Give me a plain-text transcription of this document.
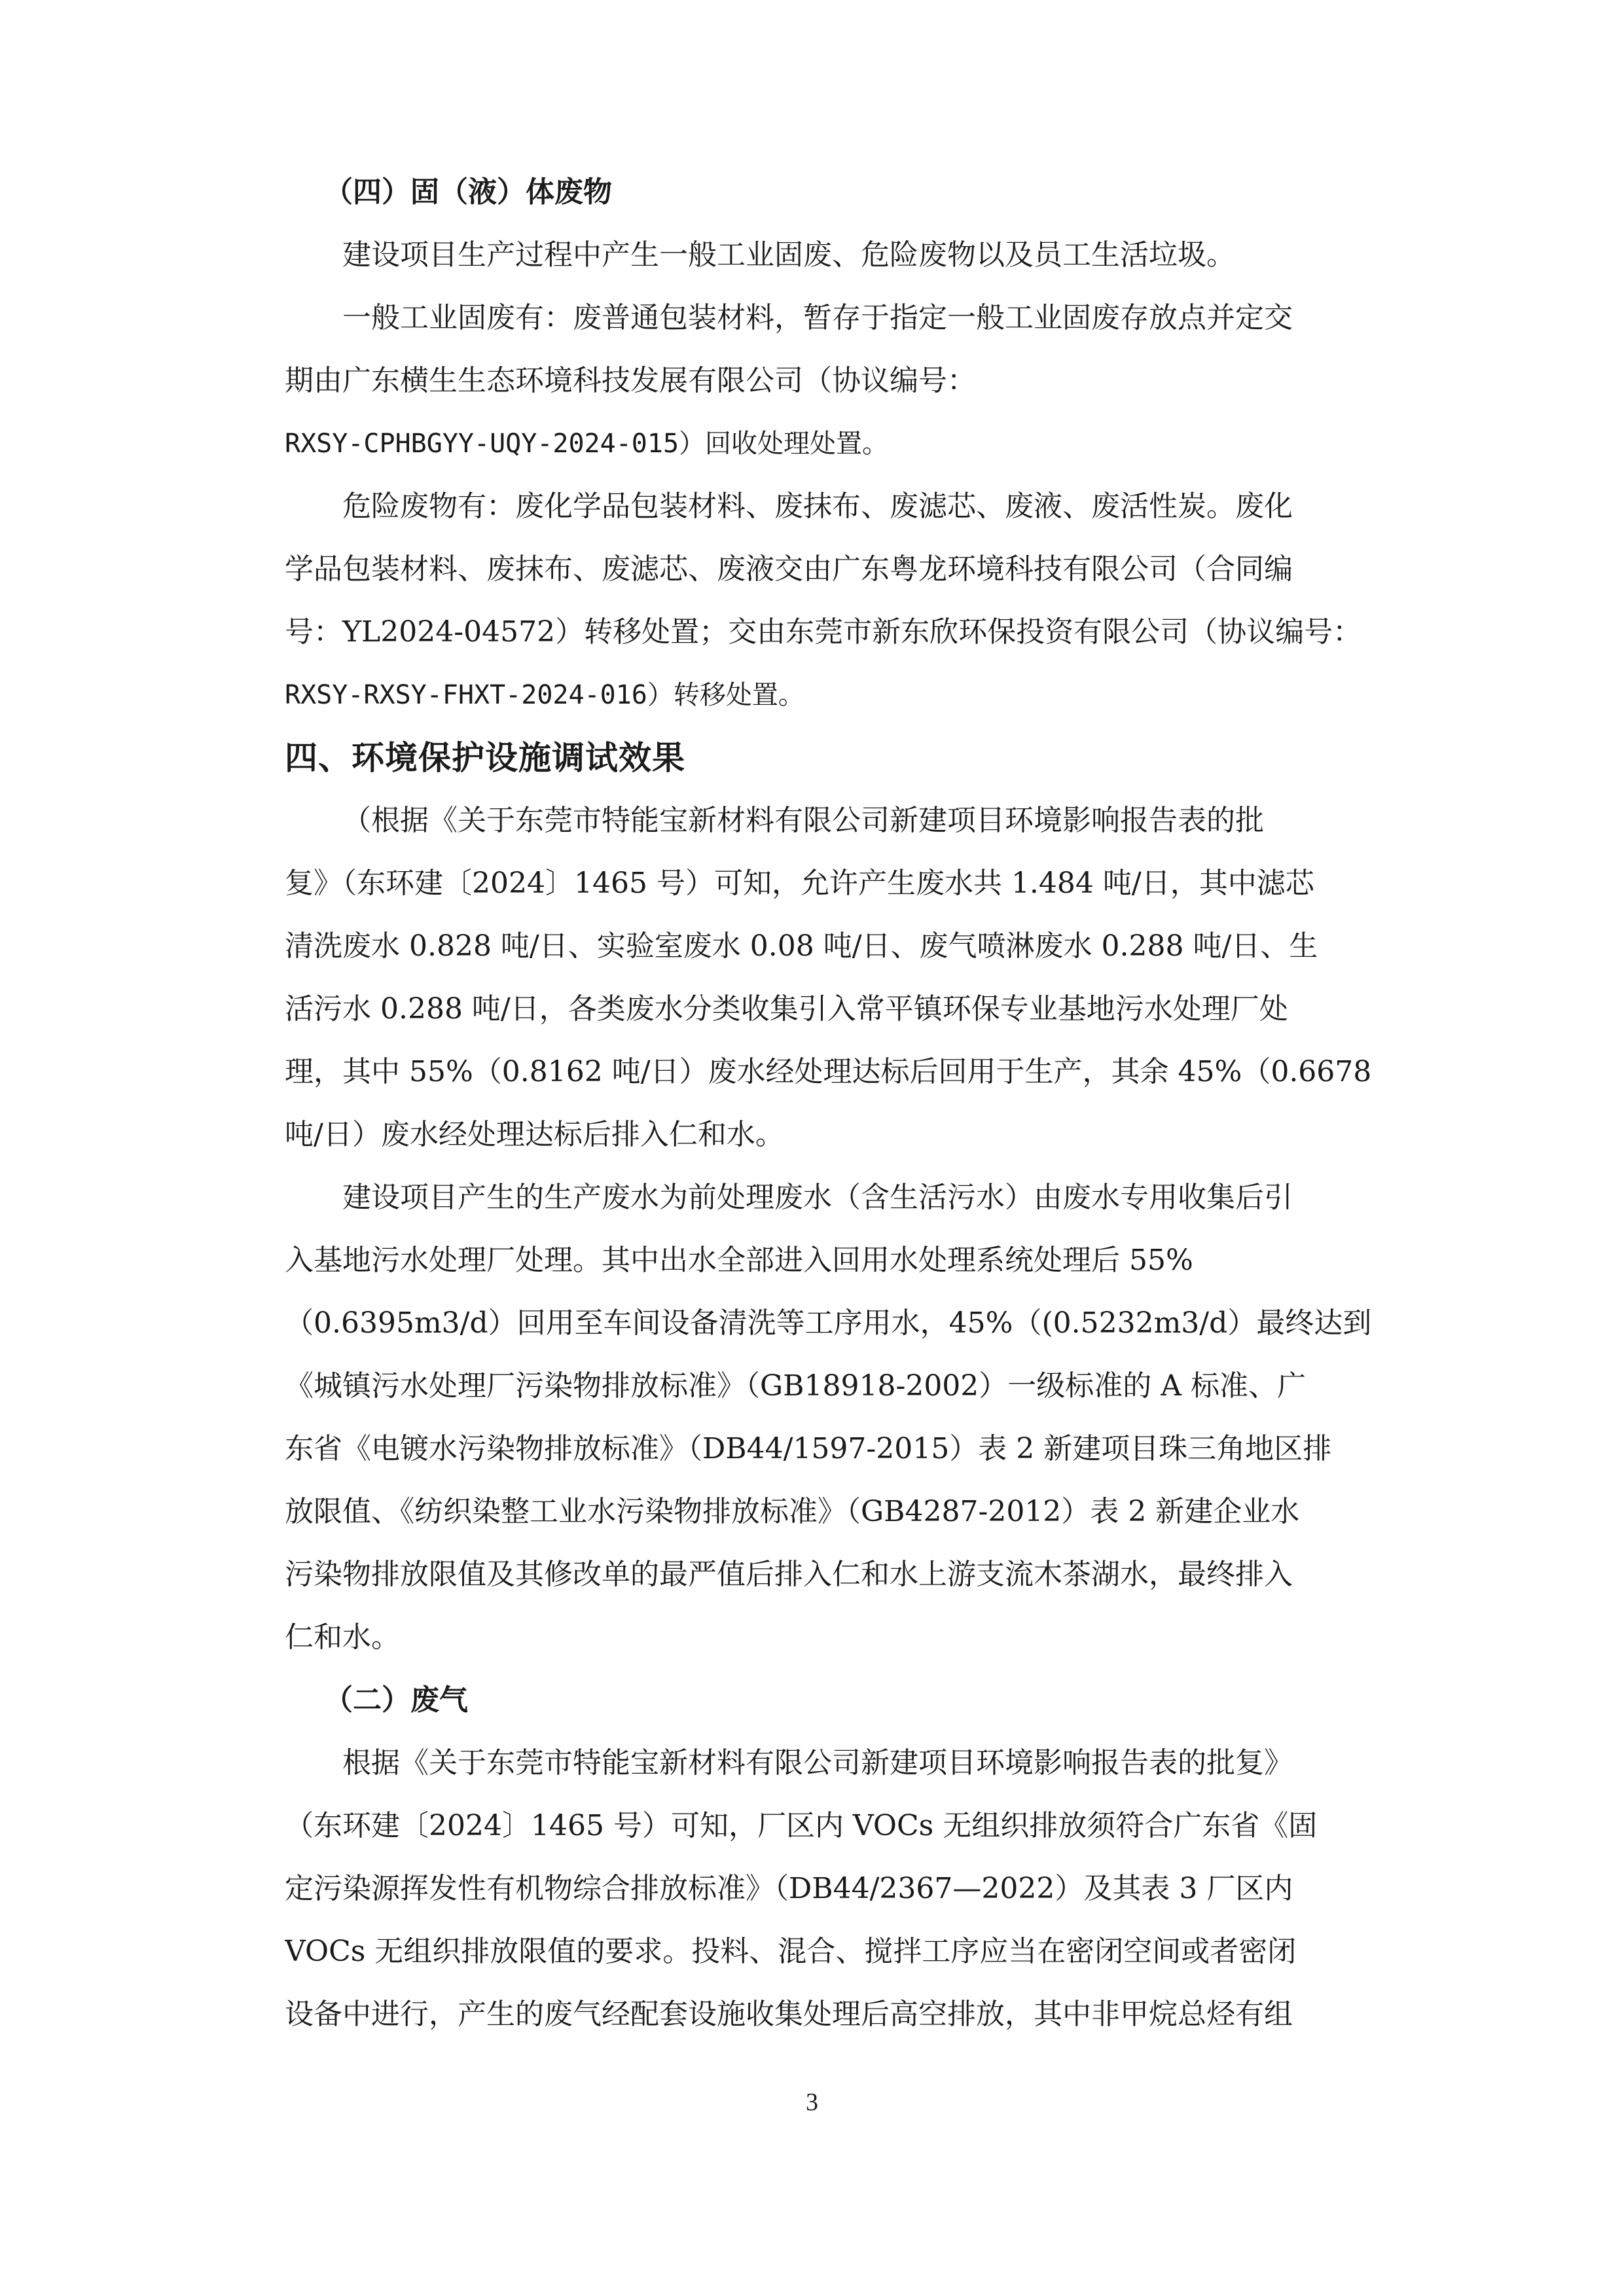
（四）固（液）体废物
建设项目生产过程中产生一般工业固废、危险废物以及员工生活垃圾。
一般工业固废有：废普通包装材料，暂存于指定一般工业固废存放点并定交
期由广东横生生态环境科技发展有限公司（协议编号：
RXSY-CPHBGYY-UQY-2024-015）回收处理处置。
危险废物有：废化学品包装材料、废抹布、废滤芯、废液、废活性炭。废化
学品包装材料、废抹布、废滤芯、废液交由广东粤龙环境科技有限公司（合同编
号：YL2024-04572）转移处置；交由东莞市新东欣环保投资有限公司（协议编号：
RXSY-RXSY-FHXT-2024-016）转移处置。
四、环境保护设施调试效果
（根据《关于东莞市特能宝新材料有限公司新建项目环境影响报告表的批
复》（东环建〔2024〕1465 号）可知，允许产生废水共 1.484 吨/日，其中滤芯
清洗废水 0.828 吨/日、实验室废水 0.08 吨/日、废气喷淋废水 0.288 吨/日、生
活污水 0.288 吨/日，各类废水分类收集引入常平镇环保专业基地污水处理厂处
理，其中 55%（0.8162 吨/日）废水经处理达标后回用于生产，其余 45%（0.6678
吨/日）废水经处理达标后排入仁和水。
建设项目产生的生产废水为前处理废水（含生活污水）由废水专用收集后引
入基地污水处理厂处理。其中出水全部进入回用水处理系统处理后 55%
（0.6395m3/d）回用至车间设备清洗等工序用水，45%（(0.5232m3/d）最终达到
《城镇污水处理厂污染物排放标准》（GB18918-2002）一级标准的 A 标准、广
东省《电镀水污染物排放标准》（DB44/1597-2015）表 2 新建项目珠三角地区排
放限值、《纺织染整工业水污染物排放标准》（GB4287-2012）表 2 新建企业水
污染物排放限值及其修改单的最严值后排入仁和水上游支流木茶湖水，最终排入
仁和水。
（二）废气
根据《关于东莞市特能宝新材料有限公司新建项目环境影响报告表的批复》
（东环建〔2024〕1465 号）可知，厂区内 VOCs 无组织排放须符合广东省《固
定污染源挥发性有机物综合排放标准》（DB44/2367—2022）及其表 3 厂区内
VOCs 无组织排放限值的要求。投料、混合、搅拌工序应当在密闭空间或者密闭
设备中进行，产生的废气经配套设施收集处理后高空排放，其中非甲烷总烃有组
3
